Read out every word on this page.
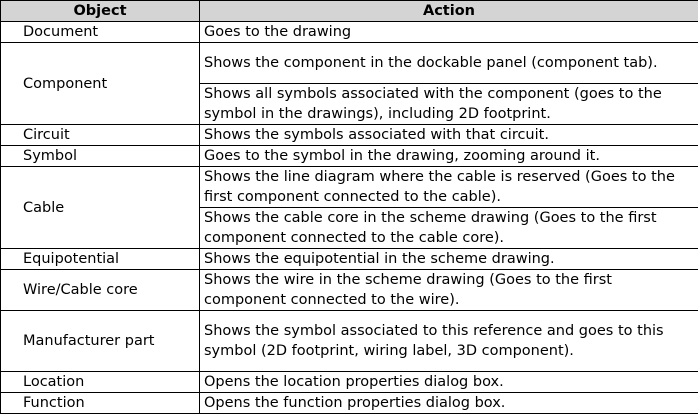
Object	Action
Document	Goes to the drawing
Component	Shows the component in the dockable panel (component tab).
	Shows all symbols associated with the component (goes to the symbol in the drawings), including 2D footprint.
Circuit	Shows the symbols associated with that circuit.
Symbol	Goes to the symbol in the drawing, zooming around it.
Cable	Shows the line diagram where the cable is reserved (Goes to the first component connected to the cable).
	Shows the cable core in the scheme drawing (Goes to the first component connected to the cable core).
Equipotential	Shows the equipotential in the scheme drawing.
Wire/Cable core	Shows the wire in the scheme drawing (Goes to the first component connected to the wire).
Manufacturer part	Shows the symbol associated to this reference and goes to this symbol (2D footprint, wiring label, 3D component).
Location	Opens the location properties dialog box.
Function	Opens the function properties dialog box.
